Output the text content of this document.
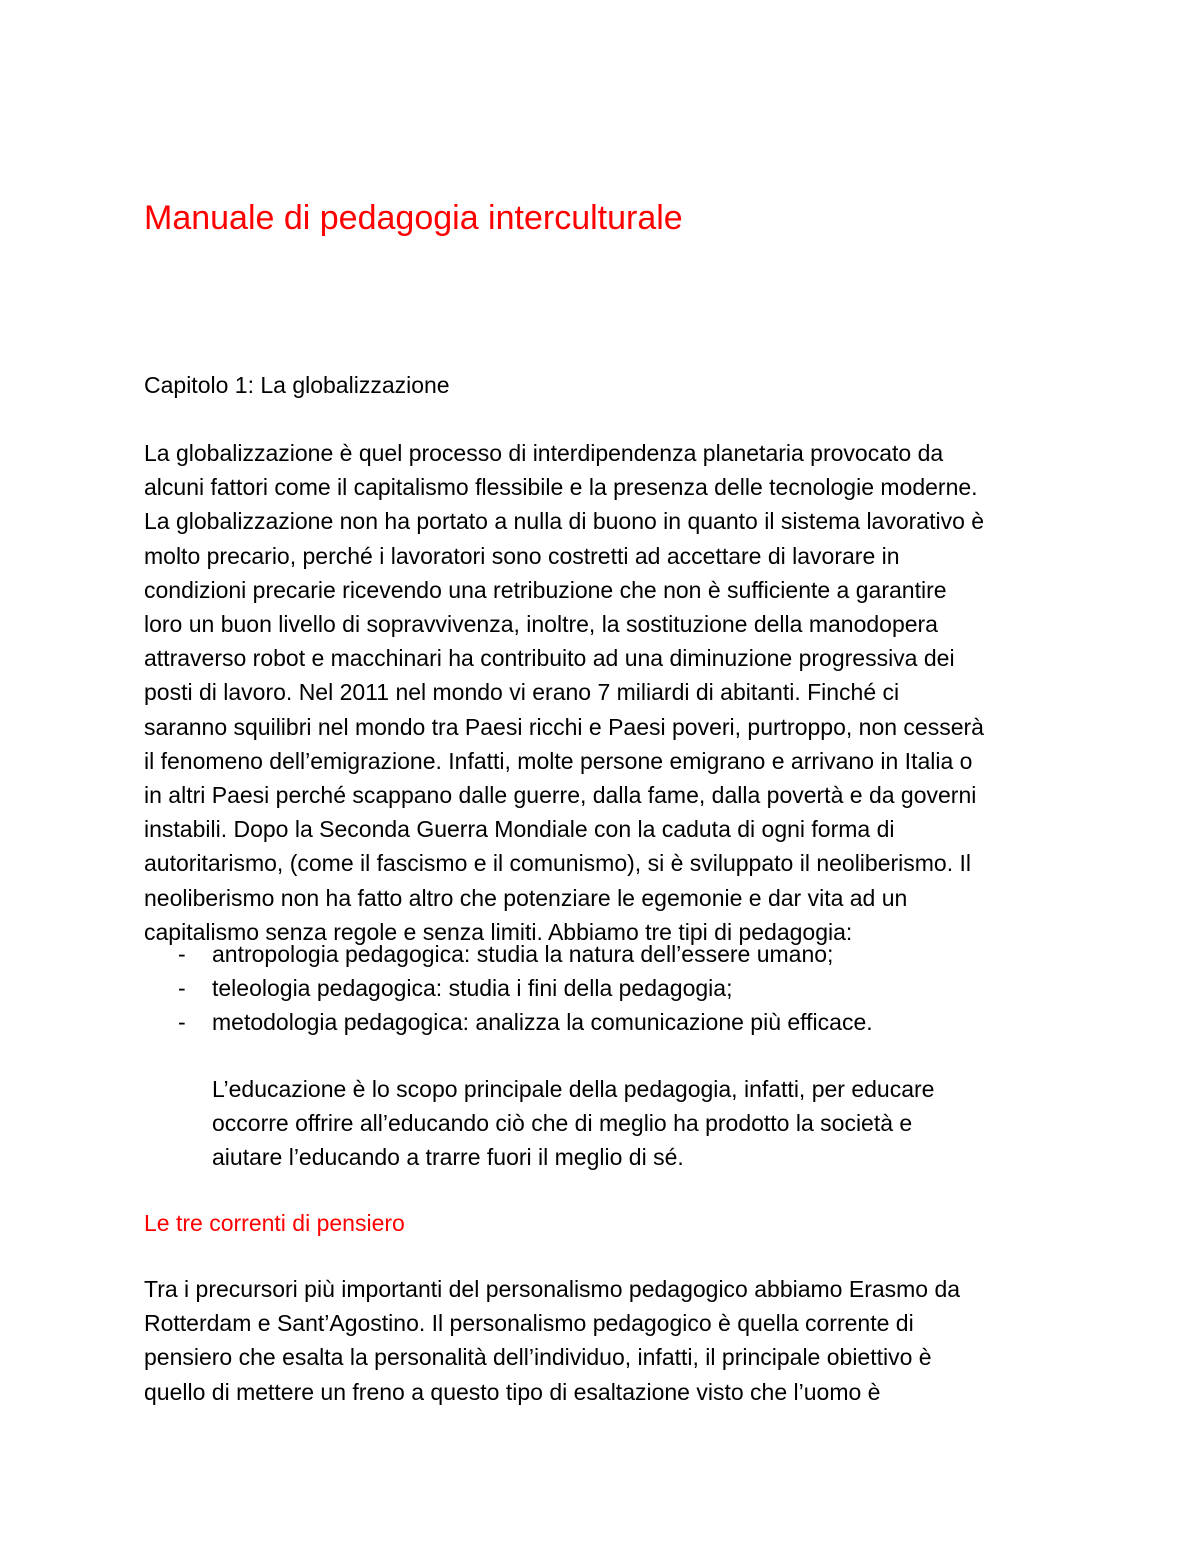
Manuale di pedagogia interculturale

Capitolo 1: La globalizzazione

La globalizzazione è quel processo di interdipendenza planetaria provocato da
alcuni fattori come il capitalismo flessibile e la presenza delle tecnologie moderne.
La globalizzazione non ha portato a nulla di buono in quanto il sistema lavorativo è
molto precario, perché i lavoratori sono costretti ad accettare di lavorare in
condizioni precarie ricevendo una retribuzione che non è sufficiente a garantire
loro un buon livello di sopravvivenza, inoltre, la sostituzione della manodopera
attraverso robot e macchinari ha contribuito ad una diminuzione progressiva dei
posti di lavoro. Nel 2011 nel mondo vi erano 7 miliardi di abitanti. Finché ci
saranno squilibri nel mondo tra Paesi ricchi e Paesi poveri, purtroppo, non cesserà
il fenomeno dell’emigrazione. Infatti, molte persone emigrano e arrivano in Italia o
in altri Paesi perché scappano dalle guerre, dalla fame, dalla povertà e da governi
instabili. Dopo la Seconda Guerra Mondiale con la caduta di ogni forma di
autoritarismo, (come il fascismo e il comunismo), si è sviluppato il neoliberismo. Il
neoliberismo non ha fatto altro che potenziare le egemonie e dar vita ad un
capitalismo senza regole e senza limiti. Abbiamo tre tipi di pedagogia:
-	antropologia pedagogica: studia la natura dell’essere umano;
-	teleologia pedagogica: studia i fini della pedagogia;
-	metodologia pedagogica: analizza la comunicazione più efficace.
L’educazione è lo scopo principale della pedagogia, infatti, per educare
occorre offrire all’educando ciò che di meglio ha prodotto la società e
aiutare l’educando a trarre fuori il meglio di sé.
Le tre correnti di pensiero
Tra i precursori più importanti del personalismo pedagogico abbiamo Erasmo da
Rotterdam e Sant’Agostino. Il personalismo pedagogico è quella corrente di
pensiero che esalta la personalità dell’individuo, infatti, il principale obiettivo è
quello di mettere un freno a questo tipo di esaltazione visto che l’uomo è
